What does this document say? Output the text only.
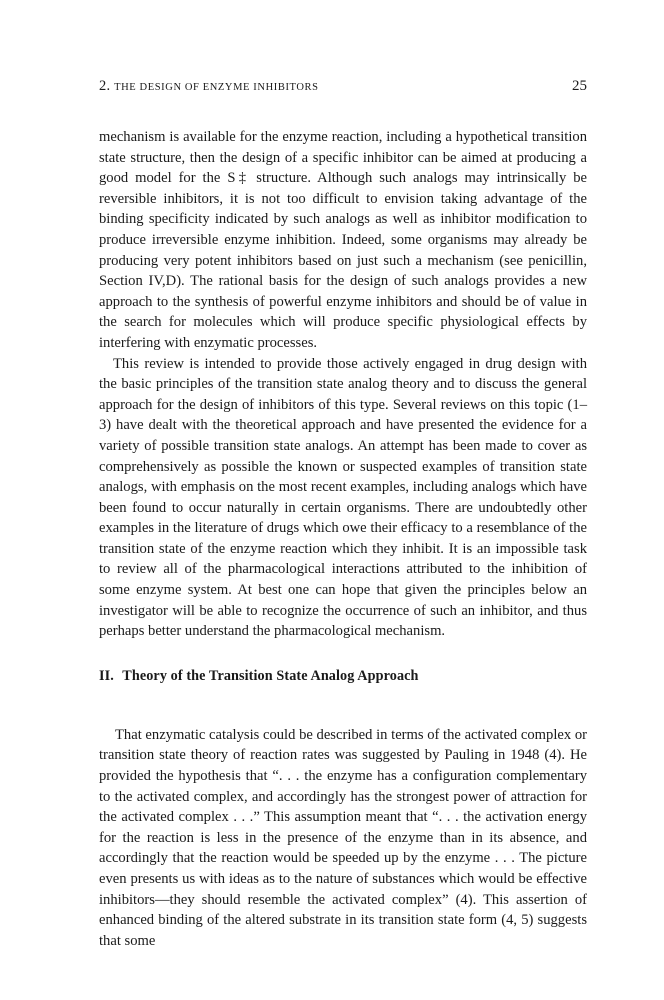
2. THE DESIGN OF ENZYME INHIBITORS	25

mechanism is available for the enzyme reaction, including a hypothetical transition state structure, then the design of a specific inhibitor can be aimed at producing a good model for the S‡ structure. Although such analogs may intrinsically be reversible inhibitors, it is not too difficult to envision taking advantage of the binding specificity indicated by such analogs as well as inhibitor modification to produce irreversible enzyme inhibition. Indeed, some organisms may already be producing very potent inhibitors based on just such a mechanism (see penicillin, Section IV,D). The rational basis for the design of such analogs provides a new approach to the synthesis of powerful enzyme inhibitors and should be of value in the search for molecules which will produce specific physiological effects by interfering with enzymatic processes.

This review is intended to provide those actively engaged in drug design with the basic principles of the transition state analog theory and to discuss the general approach for the design of inhibitors of this type. Several reviews on this topic (1–3) have dealt with the theoretical approach and have presented the evidence for a variety of possible transition state analogs. An attempt has been made to cover as comprehensively as possible the known or suspected examples of transition state analogs, with emphasis on the most recent examples, including analogs which have been found to occur naturally in certain organisms. There are undoubtedly other examples in the literature of drugs which owe their efficacy to a resemblance of the transition state of the enzyme reaction which they inhibit. It is an impossible task to review all of the pharmacological interactions attributed to the inhibition of some enzyme system. At best one can hope that given the principles below an investigator will be able to recognize the occurrence of such an inhibitor, and thus perhaps better understand the pharmacological mechanism.

II. Theory of the Transition State Analog Approach

That enzymatic catalysis could be described in terms of the activated complex or transition state theory of reaction rates was suggested by Pauling in 1948 (4). He provided the hypothesis that “. . . the enzyme has a configuration complementary to the activated complex, and accordingly has the strongest power of attraction for the activated complex . . .” This assumption meant that “. . . the activation energy for the reaction is less in the presence of the enzyme than in its absence, and accordingly that the reaction would be speeded up by the enzyme . . . The picture even presents us with ideas as to the nature of substances which would be effective inhibitors—they should resemble the activated complex” (4). This assertion of enhanced binding of the altered substrate in its transition state form (4, 5) suggests that some
